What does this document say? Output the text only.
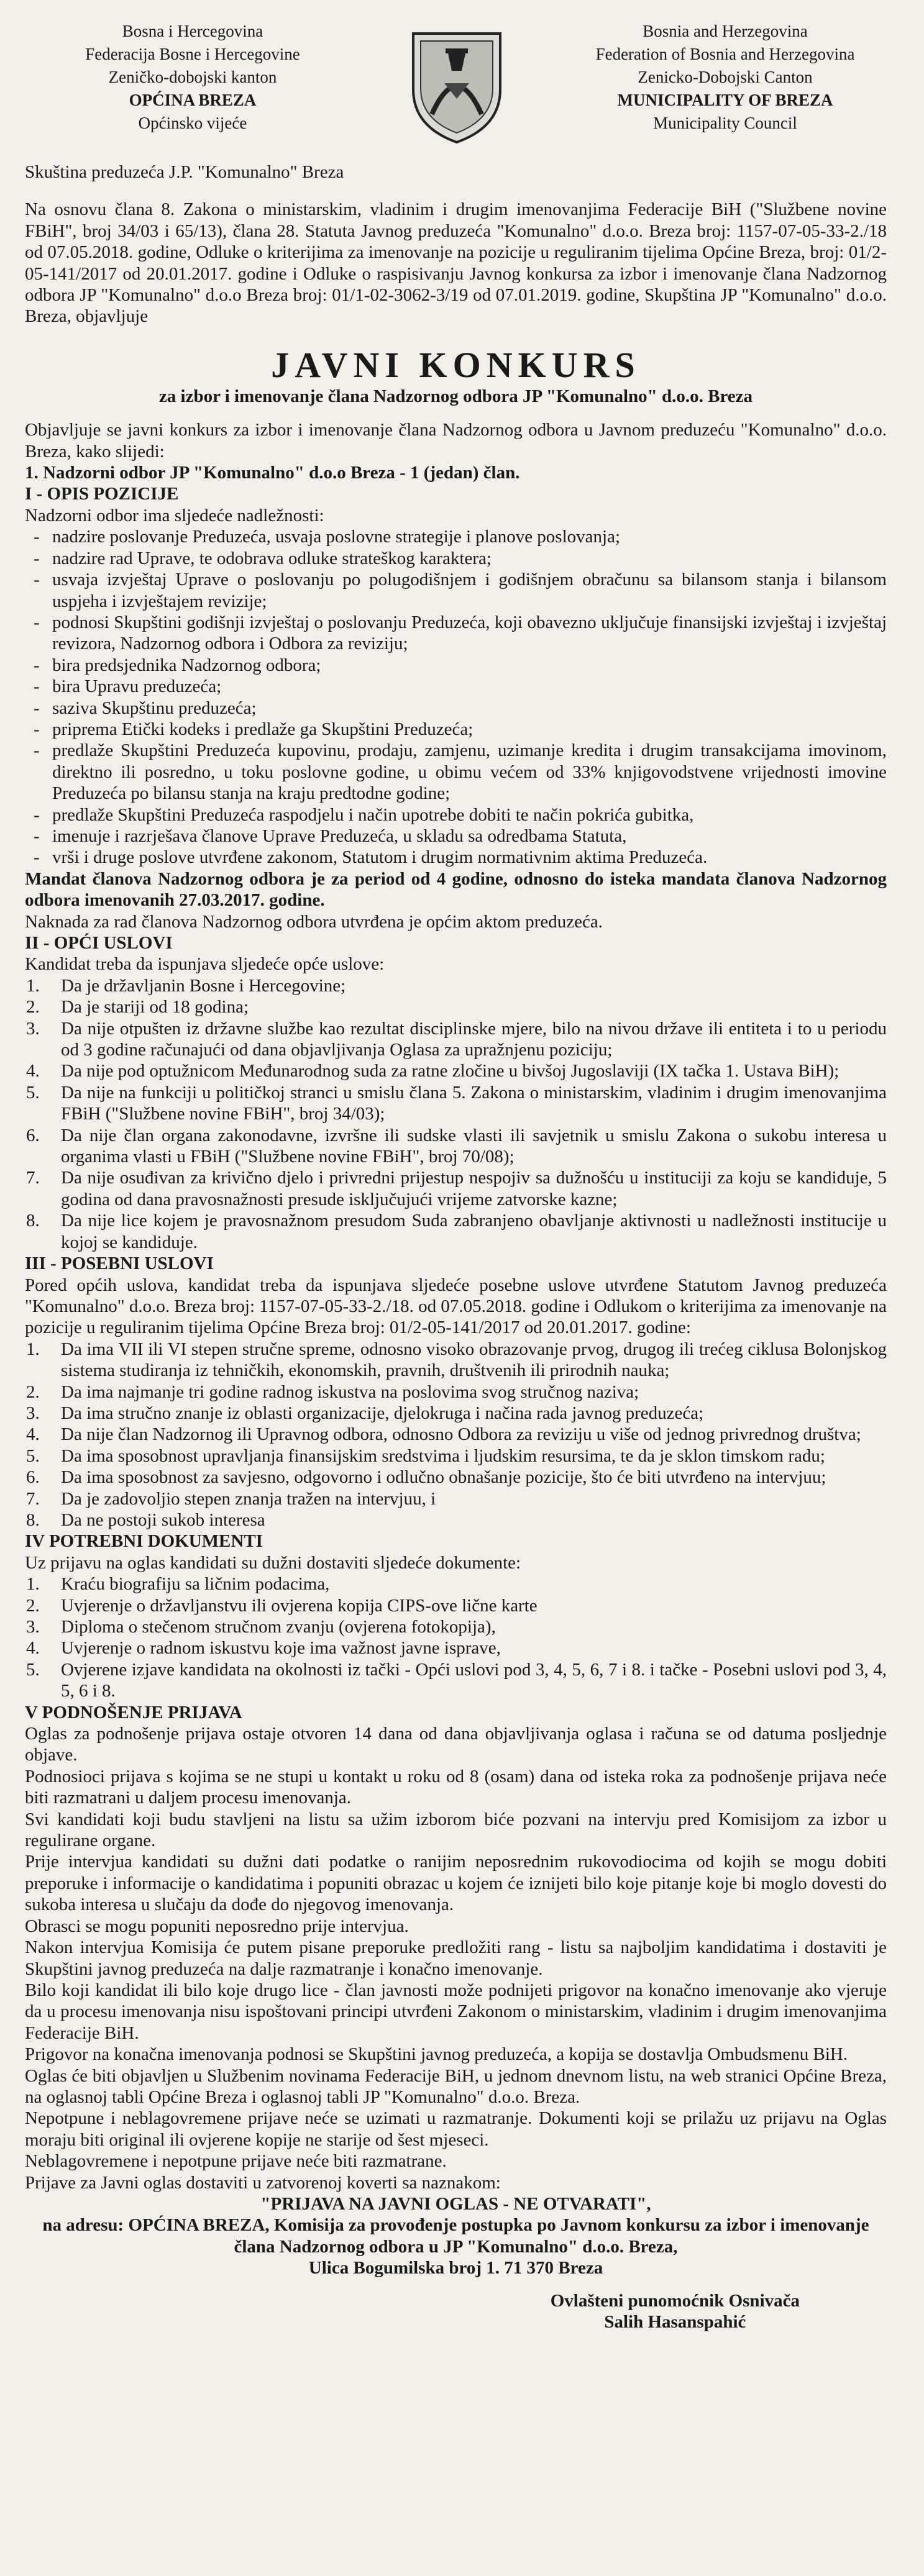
Bosna i Hercegovina
Federacija Bosne i Hercegovine
Zeničko-dobojski kanton
OPĆINA BREZA
Općinsko vijeće
Bosnia and Herzegovina
Federation of Bosnia and Herzegovina
Zenicko-Dobojski Canton
MUNICIPALITY OF BREZA
Municipality Council

Skuština preduzeća J.P. "Komunalno" Breza

Na osnovu člana 8. Zakona o ministarskim, vladinim i drugim imenovanjima Federacije BiH ("Službene novine FBiH", broj 34/03 i 65/13), člana 28. Statuta Javnog preduzeća "Komunalno" d.o.o. Breza broj: 1157-07-05-33-2./18 od 07.05.2018. godine, Odluke o kriterijima za imenovanje na pozicije u reguliranim tijelima Općine Breza, broj: 01/2-05-141/2017 od 20.01.2017. godine i Odluke o raspisivanju Javnog konkursa za izbor i imenovanje člana Nadzornog odbora JP "Komunalno" d.o.o Breza broj: 01/1-02-3062-3/19 od 07.01.2019. godine, Skupština JP "Komunalno" d.o.o. Breza, objavljuje

JAVNI KONKURS
za izbor i imenovanje člana Nadzornog odbora JP "Komunalno" d.o.o. Breza

Objavljuje se javni konkurs za izbor i imenovanje člana Nadzornog odbora u Javnom preduzeću "Komunalno" d.o.o. Breza, kako slijedi:

1. Nadzorni odbor JP "Komunalno" d.o.o Breza - 1 (jedan) član.

I - OPIS POZICIJE

Nadzorni odbor ima sljedeće nadležnosti:

- nadzire poslovanje Preduzeća, usvaja poslovne strategije i planove poslovanja;
- nadzire rad Uprave, te odobrava odluke strateškog karaktera;
- usvaja izvještaj Uprave o poslovanju po polugodišnjem i godišnjem obračunu sa bilansom stanja i bilansom uspjeha i izvještajem revizije;
- podnosi Skupštini godišnji izvještaj o poslovanju Preduzeća, koji obavezno uključuje finansijski izvještaj i izvještaj revizora, Nadzornog odbora i Odbora za reviziju;
- bira predsjednika Nadzornog odbora;
- bira Upravu preduzeća;
- saziva Skupštinu preduzeća;
- priprema Etički kodeks i predlaže ga Skupštini Preduzeća;
- predlaže Skupštini Preduzeća kupovinu, prodaju, zamjenu, uzimanje kredita i drugim transakcijama imovinom, direktno ili posredno, u toku poslovne godine, u obimu većem od 33% knjigovodstvene vrijednosti imovine Preduzeća po bilansu stanja na kraju predtodne godine;
- predlaže Skupštini Preduzeća raspodjelu i način upotrebe dobiti te način pokrića gubitka,
- imenuje i razrješava članove Uprave Preduzeća, u skladu sa odredbama Statuta,
- vrši i druge poslove utvrđene zakonom, Statutom i drugim normativnim aktima Preduzeća.

Mandat članova Nadzornog odbora je za period od 4 godine, odnosno do isteka mandata članova Nadzornog odbora imenovanih 27.03.2017. godine.

Naknada za rad članova Nadzornog odbora utvrđena je općim aktom preduzeća.

II - OPĆI USLOVI

Kandidat treba da ispunjava sljedeće opće uslove:

1. Da je državljanin Bosne i Hercegovine;
2. Da je stariji od 18 godina;
3. Da nije otpušten iz državne službe kao rezultat disciplinske mjere, bilo na nivou države ili entiteta i to u periodu od 3 godine računajući od dana objavljivanja Oglasa za upražnjenu poziciju;
4. Da nije pod optužnicom Međunarodnog suda za ratne zločine u bivšoj Jugoslaviji (IX tačka 1. Ustava BiH);
5. Da nije na funkciji u političkoj stranci u smislu člana 5. Zakona o ministarskim, vladinim i drugim imenovanjima FBiH ("Službene novine FBiH", broj 34/03);
6. Da nije član organa zakonodavne, izvršne ili sudske vlasti ili savjetnik u smislu Zakona o sukobu interesa u organima vlasti u FBiH ("Službene novine FBiH", broj 70/08);
7. Da nije osuđivan za krivično djelo i privredni prijestup nespojiv sa dužnošću u instituciji za koju se kandiduje, 5 godina od dana pravosnažnosti presude isključujući vrijeme zatvorske kazne;
8. Da nije lice kojem je pravosnažnom presudom Suda zabranjeno obavljanje aktivnosti u nadležnosti institucije u kojoj se kandiduje.

III - POSEBNI USLOVI

Pored općih uslova, kandidat treba da ispunjava sljedeće posebne uslove utvrđene Statutom Javnog preduzeća "Komunalno" d.o.o. Breza broj: 1157-07-05-33-2./18. od 07.05.2018. godine i Odlukom o kriterijima za imenovanje na pozicije u reguliranim tijelima Općine Breza broj: 01/2-05-141/2017 od 20.01.2017. godine:

1. Da ima VII ili VI stepen stručne spreme, odnosno visoko obrazovanje prvog, drugog ili trećeg ciklusa Bolonjskog sistema studiranja iz tehničkih, ekonomskih, pravnih, društvenih ili prirodnih nauka;
2. Da ima najmanje tri godine radnog iskustva na poslovima svog stručnog naziva;
3. Da ima stručno znanje iz oblasti organizacije, djelokruga i načina rada javnog preduzeća;
4. Da nije član Nadzornog ili Upravnog odbora, odnosno Odbora za reviziju u više od jednog privrednog društva;
5. Da ima sposobnost upravljanja finansijskim sredstvima i ljudskim resursima, te da je sklon timskom radu;
6. Da ima sposobnost za savjesno, odgovorno i odlučno obnašanje pozicije, što će biti utvrđeno na intervjuu;
7. Da je zadovoljio stepen znanja tražen na intervjuu, i
8. Da ne postoji sukob interesa

IV POTREBNI DOKUMENTI

Uz prijavu na oglas kandidati su dužni dostaviti sljedeće dokumente:

1. Kraću biografiju sa ličnim podacima,
2. Uvjerenje o državljanstvu ili ovjerena kopija CIPS-ove lične karte
3. Diploma o stečenom stručnom zvanju (ovjerena fotokopija),
4. Uvjerenje o radnom iskustvu koje ima važnost javne isprave,
5. Ovjerene izjave kandidata na okolnosti iz tački - Opći uslovi pod 3, 4, 5, 6, 7 i 8. i tačke - Posebni uslovi pod 3, 4, 5, 6 i 8.

V PODNOŠENJE PRIJAVA

Oglas za podnošenje prijava ostaje otvoren 14 dana od dana objavljivanja oglasa i računa se od datuma posljednje objave.

Podnosioci prijava s kojima se ne stupi u kontakt u roku od 8 (osam) dana od isteka roka za podnošenje prijava neće biti razmatrani u daljem procesu imenovanja.

Svi kandidati koji budu stavljeni na listu sa užim izborom biće pozvani na intervju pred Komisijom za izbor u regulirane organe.

Prije intervjua kandidati su dužni dati podatke o ranijim neposrednim rukovodiocima od kojih se mogu dobiti preporuke i informacije o kandidatima i popuniti obrazac u kojem će iznijeti bilo koje pitanje koje bi moglo dovesti do sukoba interesa u slučaju da dođe do njegovog imenovanja.

Obrasci se mogu popuniti neposredno prije intervjua.

Nakon intervjua Komisija će putem pisane preporuke predložiti rang - listu sa najboljim kandidatima i dostaviti je Skupštini javnog preduzeća na dalje razmatranje i konačno imenovanje.

Bilo koji kandidat ili bilo koje drugo lice - član javnosti može podnijeti prigovor na konačno imenovanje ako vjeruje da u procesu imenovanja nisu ispoštovani principi utvrđeni Zakonom o ministarskim, vladinim i drugim imenovanjima Federacije BiH.

Prigovor na konačna imenovanja podnosi se Skupštini javnog preduzeća, a kopija se dostavlja Ombudsmenu BiH.

Oglas će biti objavljen u Službenim novinama Federacije BiH, u jednom dnevnom listu, na web stranici Općine Breza, na oglasnoj tabli Općine Breza i oglasnoj tabli JP "Komunalno" d.o.o. Breza.

Nepotpune i neblagovremene prijave neće se uzimati u razmatranje. Dokumenti koji se prilažu uz prijavu na Oglas moraju biti original ili ovjerene kopije ne starije od šest mjeseci.

Neblagovremene i nepotpune prijave neće biti razmatrane.

Prijave za Javni oglas dostaviti u zatvorenoj koverti sa naznakom:

"PRIJAVA NA JAVNI OGLAS - NE OTVARATI",

na adresu: OPĆINA BREZA, Komisija za provođenje postupka po Javnom konkursu za izbor i imenovanje člana Nadzornog odbora u JP "Komunalno" d.o.o. Breza,

Ulica Bogumilska broj 1. 71 370 Breza

Ovlašteni punomoćnik Osnivača
Salih Hasanspahić
